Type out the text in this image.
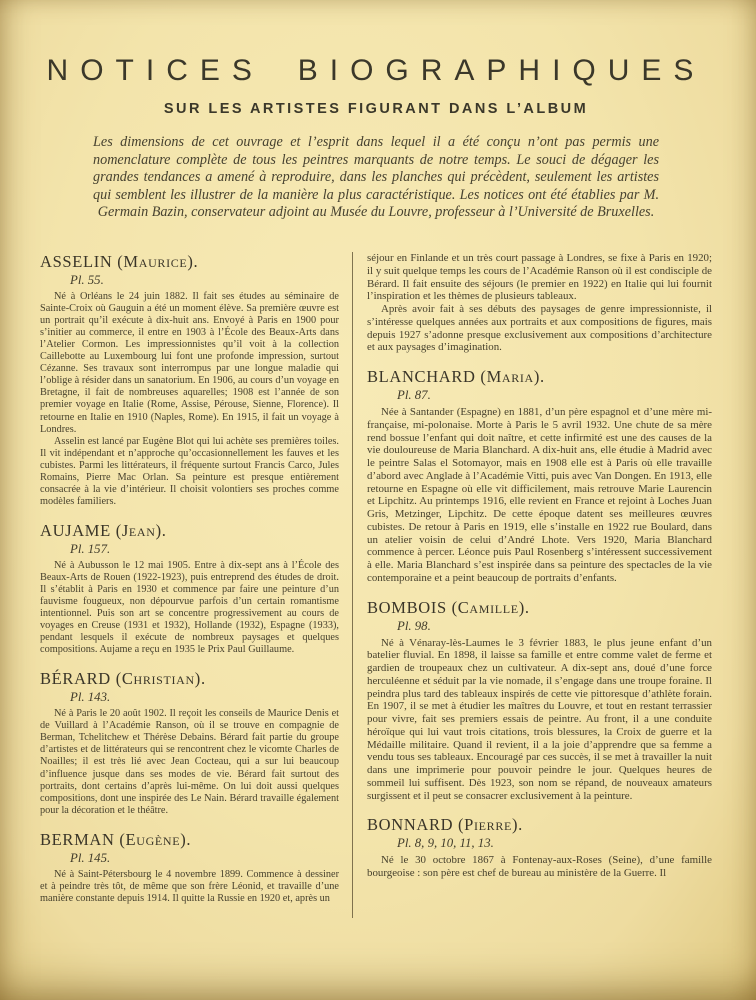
NOTICES BIOGRAPHIQUES
SUR LES ARTISTES FIGURANT DANS L’ALBUM

Les dimensions de cet ouvrage et l’esprit dans lequel il a été conçu n’ont pas permis une nomenclature complète de tous les peintres marquants de notre temps. Le souci de dégager les grandes tendances a amené à reproduire, dans les planches qui précèdent, seulement les artistes qui semblent les illustrer de la manière la plus caractéristique. Les notices ont été établies par M. Germain Bazin, conservateur adjoint au Musée du Louvre, professeur à l’Université de Bruxelles.

ASSELIN (Maurice).

Pl. 55.

Né à Orléans le 24 juin 1882. Il fait ses études au séminaire de Sainte-Croix où Gauguin a été un moment élève. Sa première œuvre est un portrait qu’il exécute à dix-huit ans. Envoyé à Paris en 1900 pour s’initier au commerce, il entre en 1903 à l’École des Beaux-Arts dans l’Atelier Cormon. Les impressionnistes qu’il voit à la collection Caillebotte au Luxembourg lui font une profonde impression, surtout Cézanne. Ses travaux sont interrompus par une longue maladie qui l’oblige à résider dans un sanatorium. En 1906, au cours d’un voyage en Bretagne, il fait de nombreuses aquarelles; 1908 est l’année de son premier voyage en Italie (Rome, Assise, Pérouse, Sienne, Florence). Il retourne en Italie en 1910 (Naples, Rome). En 1915, il fait un voyage à Londres.

Asselin est lancé par Eugène Blot qui lui achète ses premières toiles. Il vit indépendant et n’approche qu’occasionnellement les fauves et les cubistes. Parmi les littérateurs, il fréquente surtout Francis Carco, Jules Romains, Pierre Mac Orlan. Sa peinture est presque entièrement consacrée à la vie d’intérieur. Il choisit volontiers ses proches comme modèles familiers.

AUJAME (Jean).

Pl. 157.

Né à Aubusson le 12 mai 1905. Entre à dix-sept ans à l’École des Beaux-Arts de Rouen (1922-1923), puis entreprend des études de droit. Il s’établit à Paris en 1930 et commence par faire une peinture d’un fauvisme fougueux, non dépourvue parfois d’un certain romantisme intentionnel. Puis son art se concentre progressivement au cours de voyages en Creuse (1931 et 1932), Hollande (1932), Espagne (1933), pendant lesquels il exécute de nombreux paysages et quelques compositions. Aujame a reçu en 1935 le Prix Paul Guillaume.

BÉRARD (Christian).

Pl. 143.

Né à Paris le 20 août 1902. Il reçoit les conseils de Maurice Denis et de Vuillard à l’Académie Ranson, où il se trouve en compagnie de Berman, Tchelitchew et Thérèse Debains. Bérard fait partie du groupe d’artistes et de littérateurs qui se rencontrent chez le vicomte Charles de Noailles; il est très lié avec Jean Cocteau, qui a sur lui beaucoup d’influence jusque dans ses modes de vie. Bérard fait surtout des portraits, dont certains d’après lui-même. On lui doit aussi quelques compositions, dont une inspirée des Le Nain. Bérard travaille également pour la décoration et le théâtre.

BERMAN (Eugène).

Pl. 145.

Né à Saint-Pétersbourg le 4 novembre 1899. Commence à dessiner et à peindre très tôt, de même que son frère Léonid, et travaille d’une manière constante depuis 1914. Il quitte la Russie en 1920 et, après un

séjour en Finlande et un très court passage à Londres, se fixe à Paris en 1920; il y suit quelque temps les cours de l’Académie Ranson où il est condisciple de Bérard. Il fait ensuite des séjours (le premier en 1922) en Italie qui lui fournit l’inspiration et les thèmes de plusieurs tableaux.

Après avoir fait à ses débuts des paysages de genre impressionniste, il s’intéresse quelques années aux portraits et aux compositions de figures, mais depuis 1927 s’adonne presque exclusivement aux compositions d’architecture et aux paysages d’imagination.

BLANCHARD (Maria).

Pl. 87.

Née à Santander (Espagne) en 1881, d’un père espagnol et d’une mère mi-française, mi-polonaise. Morte à Paris le 5 avril 1932. Une chute de sa mère rend bossue l’enfant qui doit naître, et cette infirmité est une des causes de la vie douloureuse de Maria Blanchard. A dix-huit ans, elle étudie à Madrid avec le peintre Salas el Sotomayor, mais en 1908 elle est à Paris où elle travaille d’abord avec Anglade à l’Académie Vitti, puis avec Van Dongen. En 1913, elle retourne en Espagne où elle vit difficilement, mais retrouve Marie Laurencin et Lipchitz. Au printemps 1916, elle revient en France et rejoint à Loches Juan Gris, Metzinger, Lipchitz. De cette époque datent ses meilleures œuvres cubistes. De retour à Paris en 1919, elle s’installe en 1922 rue Boulard, dans un atelier voisin de celui d’André Lhote. Vers 1920, Maria Blanchard commence à percer. Léonce puis Paul Rosenberg s’intéressent successivement à elle. Maria Blanchard s’est inspirée dans sa peinture des spectacles de la vie contemporaine et a peint beaucoup de portraits d’enfants.

BOMBOIS (Camille).

Pl. 98.

Né à Vénaray-lès-Laumes le 3 février 1883, le plus jeune enfant d’un batelier fluvial. En 1898, il laisse sa famille et entre comme valet de ferme et gardien de troupeaux chez un cultivateur. A dix-sept ans, doué d’une force herculéenne et séduit par la vie nomade, il s’engage dans une troupe foraine. Il peindra plus tard des tableaux inspirés de cette vie pittoresque d’athlète forain. En 1907, il se met à étudier les maîtres du Louvre, et tout en restant terrassier pour vivre, fait ses premiers essais de peintre. Au front, il a une conduite héroïque qui lui vaut trois citations, trois blessures, la Croix de guerre et la Médaille militaire. Quand il revient, il a la joie d’apprendre que sa femme a vendu tous ses tableaux. Encouragé par ces succès, il se met à travailler la nuit dans une imprimerie pour pouvoir peindre le jour. Quelques heures de sommeil lui suffisent. Dès 1923, son nom se répand, de nouveaux amateurs surgissent et il peut se consacrer exclusivement à la peinture.

BONNARD (Pierre).

Pl. 8, 9, 10, 11, 13.

Né le 30 octobre 1867 à Fontenay-aux-Roses (Seine), d’une famille bourgeoise : son père est chef de bureau au ministère de la Guerre. Il
